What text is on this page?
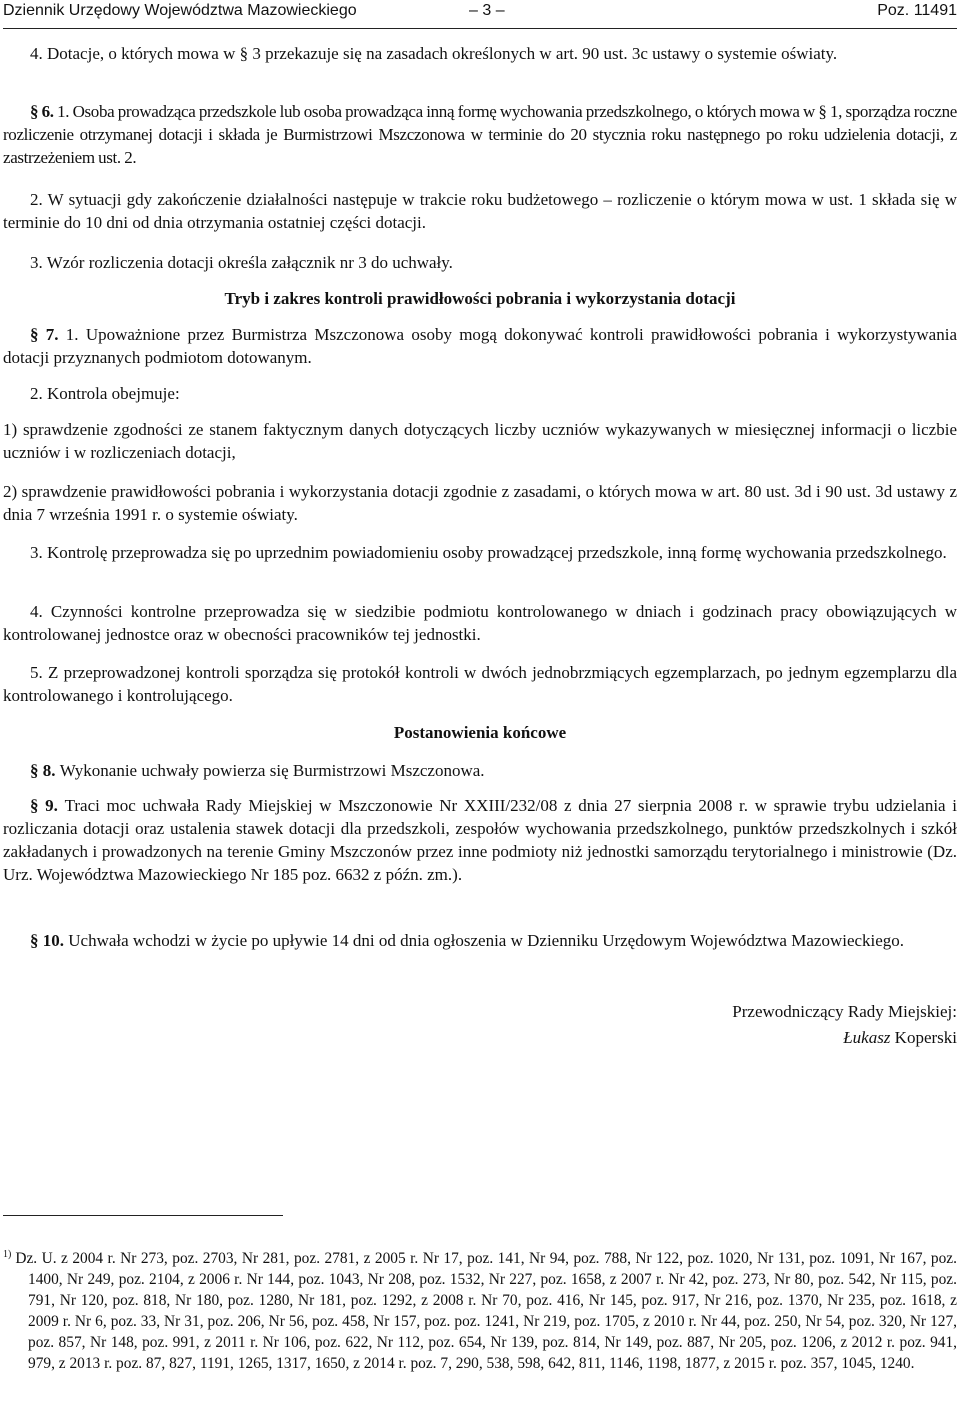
Dziennik Urzędowy Województwa Mazowieckiego	– 3 –	Poz. 11491

4. Dotacje, o których mowa w § 3 przekazuje się na zasadach określonych w art. 90 ust. 3c ustawy o systemie oświaty.

§ 6. 1. Osoba prowadząca przedszkole lub osoba prowadząca inną formę wychowania przedszkolnego, o których mowa w § 1, sporządza roczne rozliczenie otrzymanej dotacji i składa je Burmistrzowi Mszczonowa w terminie do 20 stycznia roku następnego po roku udzielenia dotacji, z zastrzeżeniem ust. 2.

2. W sytuacji gdy zakończenie działalności następuje w trakcie roku budżetowego – rozliczenie o którym mowa w ust. 1 składa się w terminie do 10 dni od dnia otrzymania ostatniej części dotacji.

3. Wzór rozliczenia dotacji określa załącznik nr 3 do uchwały.

Tryb i zakres kontroli prawidłowości pobrania i wykorzystania dotacji

§ 7. 1. Upoważnione przez Burmistrza Mszczonowa osoby mogą dokonywać kontroli prawidłowości pobrania i wykorzystywania dotacji przyznanych podmiotom dotowanym.

2. Kontrola obejmuje:

1) sprawdzenie zgodności ze stanem faktycznym danych dotyczących liczby uczniów wykazywanych w miesięcznej informacji o liczbie uczniów i w rozliczeniach dotacji,
2) sprawdzenie prawidłowości pobrania i wykorzystania dotacji zgodnie z zasadami, o których mowa w art. 80 ust. 3d i 90 ust. 3d ustawy z dnia 7 września 1991 r. o systemie oświaty.

3. Kontrolę przeprowadza się po uprzednim powiadomieniu osoby prowadzącej przedszkole, inną formę wychowania przedszkolnego.

4. Czynności kontrolne przeprowadza się w siedzibie podmiotu kontrolowanego w dniach i godzinach pracy obowiązujących w kontrolowanej jednostce oraz w obecności pracowników tej jednostki.

5. Z przeprowadzonej kontroli sporządza się protokół kontroli w dwóch jednobrzmiących egzemplarzach, po jednym egzemplarzu dla kontrolowanego i kontrolującego.

Postanowienia końcowe

§ 8. Wykonanie uchwały powierza się Burmistrzowi Mszczonowa.

§ 9. Traci moc uchwała Rady Miejskiej w Mszczonowie Nr XXIII/232/08 z dnia 27 sierpnia 2008 r. w sprawie trybu udzielania i rozliczania dotacji oraz ustalenia stawek dotacji dla przedszkoli, zespołów wychowania przedszkolnego, punktów przedszkolnych i szkół zakładanych i prowadzonych na terenie Gminy Mszczonów przez inne podmioty niż jednostki samorządu terytorialnego i ministrowie (Dz. Urz. Województwa Mazowieckiego Nr 185 poz. 6632 z późn. zm.).

§ 10. Uchwała wchodzi w życie po upływie 14 dni od dnia ogłoszenia w Dzienniku Urzędowym Województwa Mazowieckiego.

Przewodniczący Rady Miejskiej:
Łukasz Koperski
$^{1)}$ Dz. U. z 2004 r. Nr 273, poz. 2703, Nr 281, poz. 2781, z 2005 r. Nr 17, poz. 141, Nr 94, poz. 788, Nr 122, poz. 1020, Nr 131, poz. 1091, Nr 167, poz. 1400, Nr 249, poz. 2104, z 2006 r. Nr 144, poz. 1043, Nr 208, poz. 1532, Nr 227, poz. 1658, z 2007 r. Nr 42, poz. 273, Nr 80, poz. 542, Nr 115, poz. 791, Nr 120, poz. 818, Nr 180, poz. 1280, Nr 181, poz. 1292, z 2008 r. Nr 70, poz. 416, Nr 145, poz. 917, Nr 216, poz. 1370, Nr 235, poz. 1618, z 2009 r. Nr 6, poz. 33, Nr 31, poz. 206, Nr 56, poz. 458, Nr 157, poz. poz. 1241, Nr 219, poz. 1705, z 2010 r. Nr 44, poz. 250, Nr 54, poz. 320, Nr 127, poz. 857, Nr 148, poz. 991, z 2011 r. Nr 106, poz. 622, Nr 112, poz. 654, Nr 139, poz. 814, Nr 149, poz. 887, Nr 205, poz. 1206, z 2012 r. poz. 941, 979, z 2013 r. poz. 87, 827, 1191, 1265, 1317, 1650, z 2014 r. poz. 7, 290, 538, 598, 642, 811, 1146, 1198, 1877, z 2015 r. poz. 357, 1045, 1240.
